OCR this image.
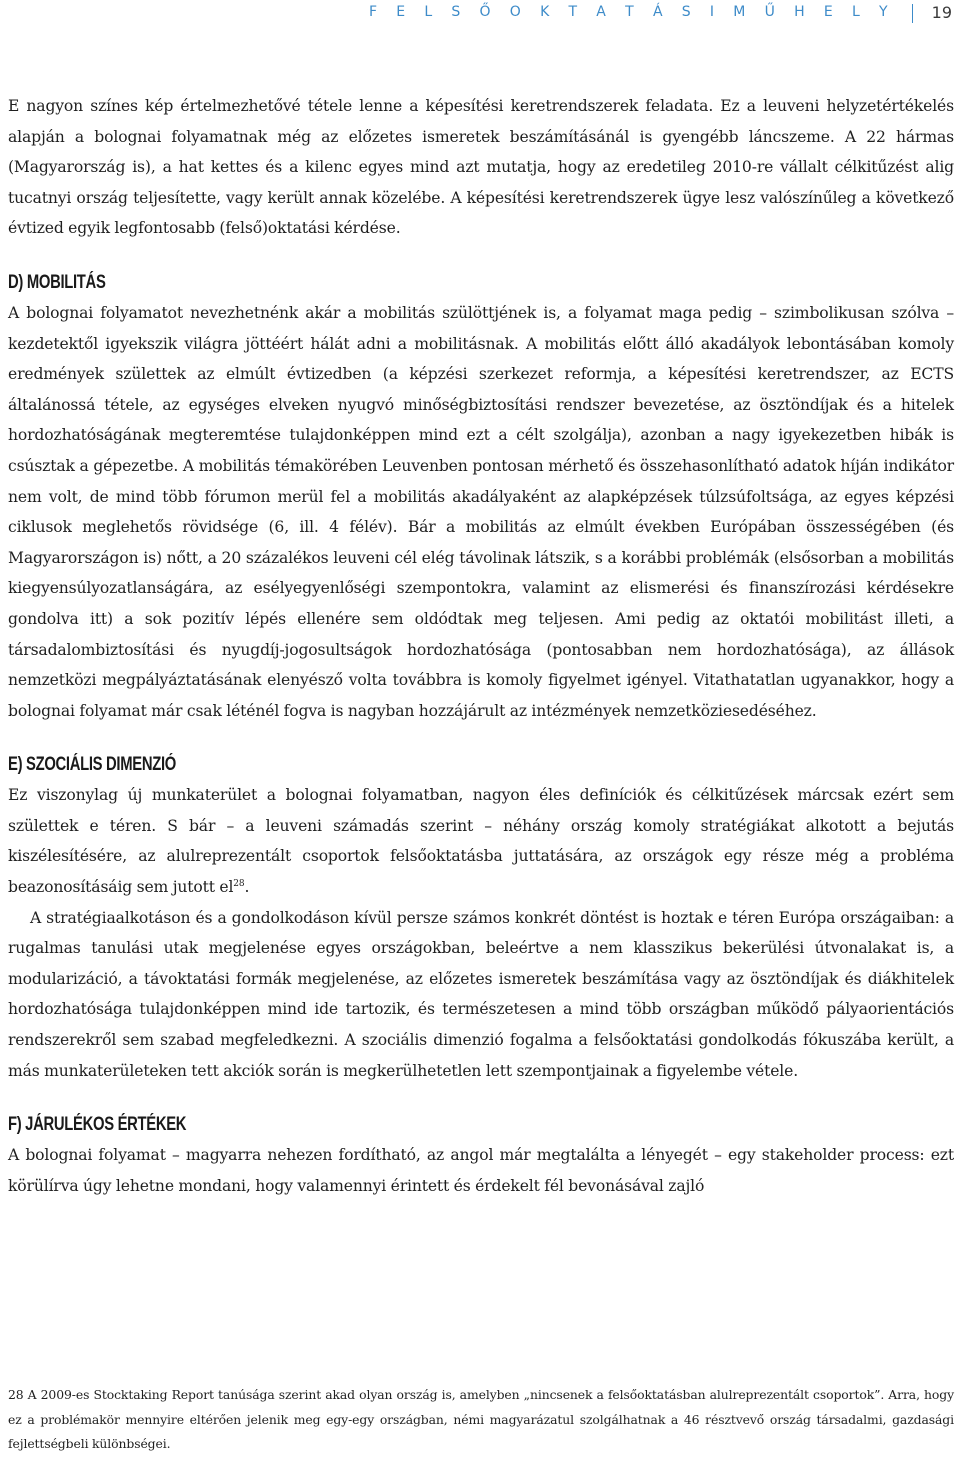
F E L S Ő O K T A T Á S I M Ű H E L Y 19

E nagyon színes kép értelmezhetővé tétele lenne a képesítési keretrendszerek feladata. Ez a leuveni helyzetértékelés alapján a bolognai folyamatnak még az előzetes ismeretek beszámításánál is gyengébb láncszeme. A 22 hármas (Magyarország is), a hat kettes és a kilenc egyes mind azt mutatja, hogy az eredetileg 2010-re vállalt célkitűzést alig tucatnyi ország teljesítette, vagy került annak közelébe. A képesítési keretrendszerek ügye lesz valószínűleg a következő évtized egyik legfontosabb (felső)oktatási kérdése.

D) MOBILITÁS

A bolognai folyamatot nevezhetnénk akár a mobilitás szülöttjének is, a folyamat maga pedig – szimbolikusan szólva – kezdetektől igyekszik világra jöttéért hálát adni a mobilitásnak. A mobilitás előtt álló akadályok lebontásában komoly eredmények születtek az elmúlt évtizedben (a képzési szerkezet reformja, a képesítési keretrendszer, az ECTS általánossá tétele, az egységes elveken nyugvó minőségbiztosítási rendszer bevezetése, az ösztöndíjak és a hitelek hordozhatóságának megteremtése tulajdonképpen mind ezt a célt szolgálja), azonban a nagy igyekezetben hibák is csúsztak a gépezetbe. A mobilitás témakörében Leuvenben pontosan mérhető és összehasonlítható adatok híján indikátor nem volt, de mind több fórumon merül fel a mobilitás akadályaként az alapképzések túlzsúfoltsága, az egyes képzési ciklusok meglehetős rövidsége (6, ill. 4 félév). Bár a mobilitás az elmúlt években Európában összességében (és Magyarországon is) nőtt, a 20 százalékos leuveni cél elég távolinak látszik, s a korábbi problémák (elsősorban a mobilitás kiegyensúlyozatlanságára, az esélyegyenlőségi szempontokra, valamint az elismerési és finanszírozási kérdésekre gondolva itt) a sok pozitív lépés ellenére sem oldódtak meg teljesen. Ami pedig az oktatói mobilitást illeti, a társadalombiztosítási és nyugdíj-jogosultságok hordozhatósága (pontosabban nem hordozhatósága), az állások nemzetközi megpályáztatásának elenyésző volta továbbra is komoly figyelmet igényel. Vitathatatlan ugyanakkor, hogy a bolognai folyamat már csak léténél fogva is nagyban hozzájárult az intézmények nemzetköziesedéséhez.

E) SZOCIÁLIS DIMENZIÓ

Ez viszonylag új munkaterület a bolognai folyamatban, nagyon éles definíciók és célkitűzések márcsak ezért sem születtek e téren. S bár – a leuveni számadás szerint – néhány ország komoly stratégiákat alkotott a bejutás kiszélesítésére, az alulreprezentált csoportok felsőoktatásba juttatására, az országok egy része még a probléma beazonosításáig sem jutott $el^{28}$.

A stratégiaalkotáson és a gondolkodáson kívül persze számos konkrét döntést is hoztak e téren Európa országaiban: a rugalmas tanulási utak megjelenése egyes országokban, beleértve a nem klasszikus bekerülési útvonalakat is, a modularizáció, a távoktatási formák megjelenése, az előzetes ismeretek beszámítása vagy az ösztöndíjak és diákhitelek hordozhatósága tulajdonképpen mind ide tartozik, és természetesen a mind több országban működő pályaorientációs rendszerekről sem szabad megfeledkezni. A szociális dimenzió fogalma a felsőoktatási gondolkodás fókuszába került, a más munkaterületeken tett akciók során is megkerülhetetlen lett szempontjainak a figyelembe vétele.

F) JÁRULÉKOS ÉRTÉKEK

A bolognai folyamat – magyarra nehezen fordítható, az angol már megtalálta a lényegét – egy stakeholder process: ezt körülírva úgy lehetne mondani, hogy valamennyi érintett és érdekelt fél bevonásával zajló

28 A 2009-es Stocktaking Report tanúsága szerint akad olyan ország is, amelyben „nincsenek a felsőoktatásban alulreprezentált csoportok”. Arra, hogy ez a problémakör mennyire eltérően jelenik meg egy-egy országban, némi magyarázatul szolgálhatnak a 46 résztvevő ország társadalmi, gazdasági fejlettségbeli különbségei.
